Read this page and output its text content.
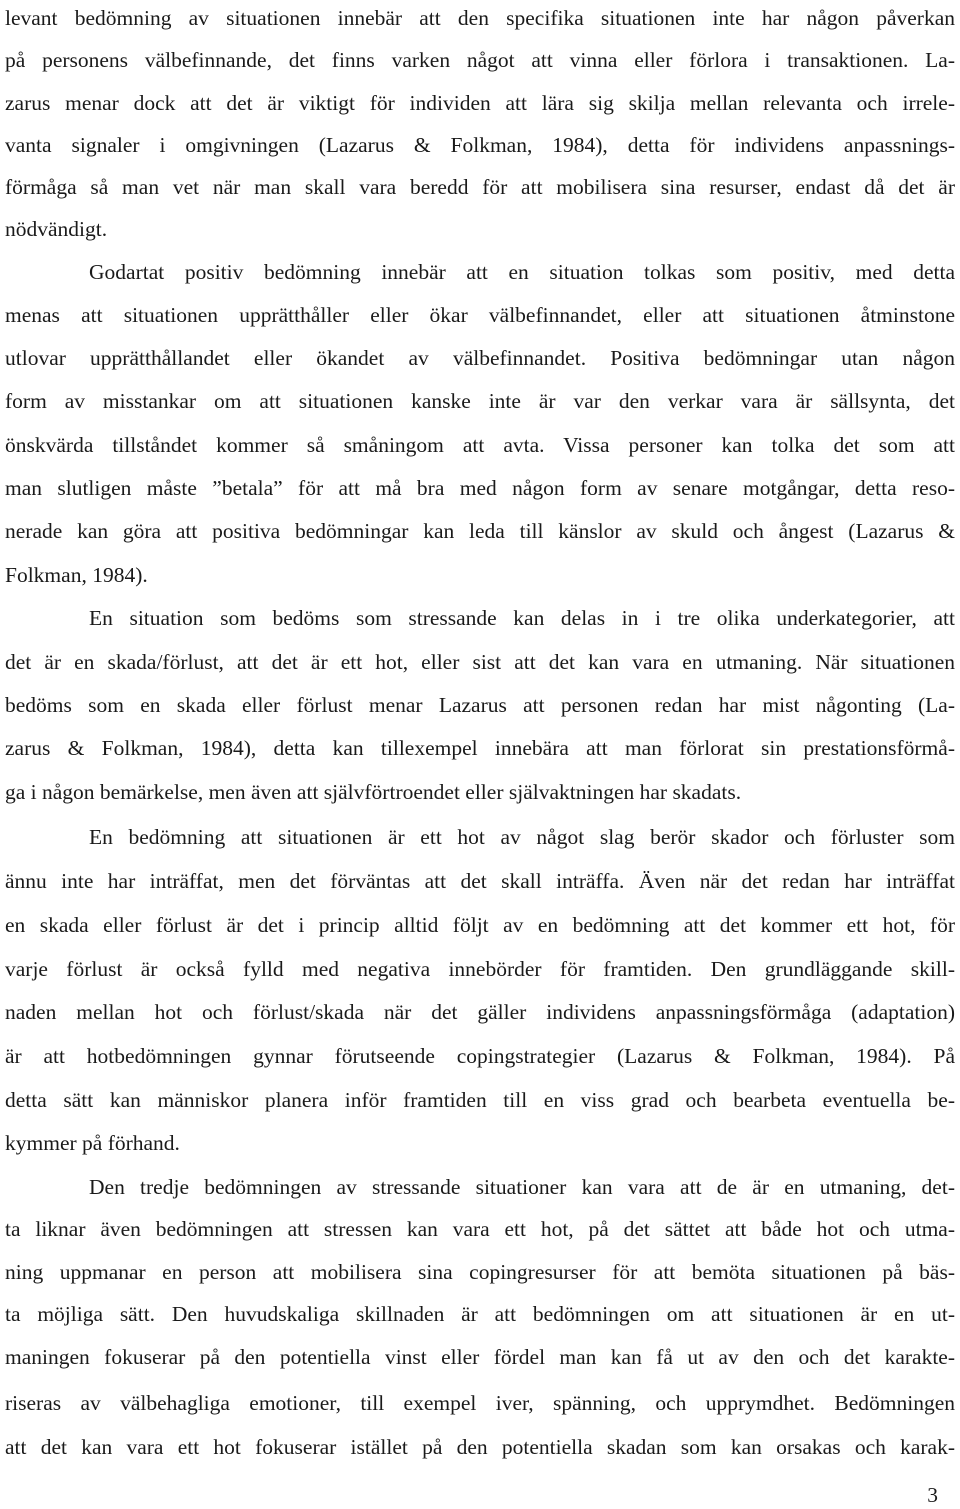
levant bedömning av situationen innebär att den specifika situationen inte har någon påverkan
på personens välbefinnande, det finns varken något att vinna eller förlora i transaktionen. La-
zarus menar dock att det är viktigt för individen att lära sig skilja mellan relevanta och irrele-
vanta signaler i omgivningen (Lazarus & Folkman, 1984), detta för individens anpassnings-
förmåga så man vet när man skall vara beredd för att mobilisera sina resurser, endast då det är
nödvändigt.
Godartat positiv bedömning innebär att en situation tolkas som positiv, med detta
menas att situationen upprätthåller eller ökar välbefinnandet, eller att situationen åtminstone
utlovar upprätthållandet eller ökandet av välbefinnandet. Positiva bedömningar utan någon
form av misstankar om att situationen kanske inte är var den verkar vara är sällsynta, det
önskvärda tillståndet kommer så småningom att avta. Vissa personer kan tolka det som att
man slutligen måste ”betala” för att må bra med någon form av senare motgångar, detta reso-
nerade kan göra att positiva bedömningar kan leda till känslor av skuld och ångest (Lazarus &
Folkman, 1984).
En situation som bedöms som stressande kan delas in i tre olika underkategorier, att
det är en skada/förlust, att det är ett hot, eller sist att det kan vara en utmaning. När situationen
bedöms som en skada eller förlust menar Lazarus att personen redan har mist någonting (La-
zarus & Folkman, 1984), detta kan tillexempel innebära att man förlorat sin prestationsförmå-
ga i någon bemärkelse, men även att självförtroendet eller självaktningen har skadats.
En bedömning att situationen är ett hot av något slag berör skador och förluster som
ännu inte har inträffat, men det förväntas att det skall inträffa. Även när det redan har inträffat
en skada eller förlust är det i princip alltid följt av en bedömning att det kommer ett hot, för
varje förlust är också fylld med negativa innebörder för framtiden. Den grundläggande skill-
naden mellan hot och förlust/skada när det gäller individens anpassningsförmåga (adaptation)
är att hotbedömningen gynnar förutseende copingstrategier (Lazarus & Folkman, 1984). På
detta sätt kan människor planera inför framtiden till en viss grad och bearbeta eventuella be-
kymmer på förhand.
Den tredje bedömningen av stressande situationer kan vara att de är en utmaning, det-
ta liknar även bedömningen att stressen kan vara ett hot, på det sättet att både hot och utma-
ning uppmanar en person att mobilisera sina copingresurser för att bemöta situationen på bäs-
ta möjliga sätt. Den huvudskaliga skillnaden är att bedömningen om att situationen är en ut-
maningen fokuserar på den potentiella vinst eller fördel man kan få ut av den och det karakte-
riseras av välbehagliga emotioner, till exempel iver, spänning, och upprymdhet. Bedömningen
att det kan vara ett hot fokuserar istället på den potentiella skadan som kan orsakas och karak-
3
